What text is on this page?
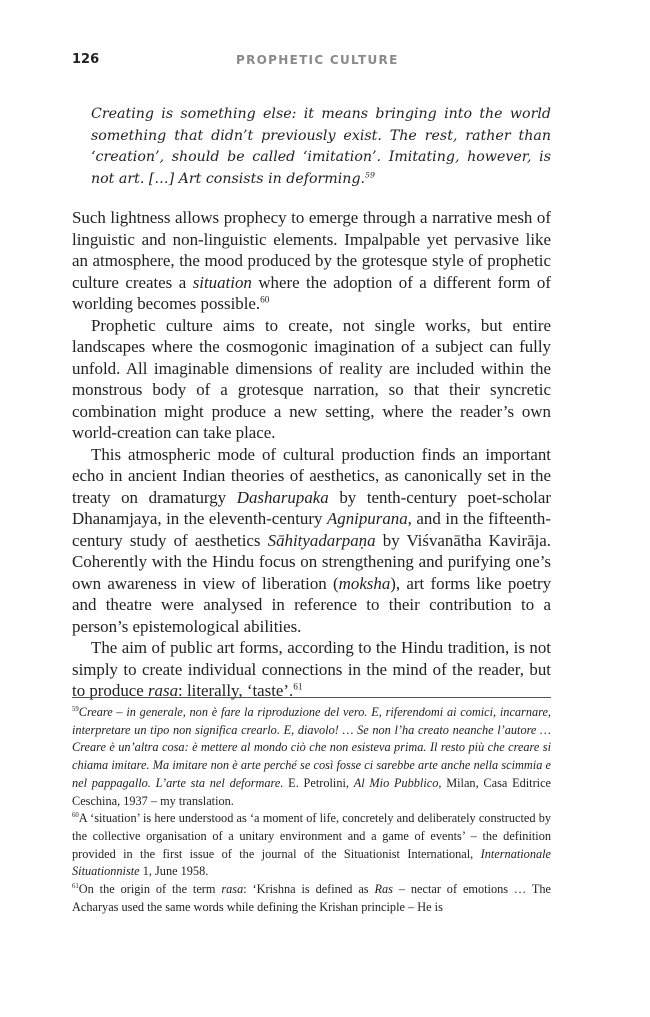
126	PROPHETIC CULTURE

Creating is something else: it means bringing into the world something that didn’t previously exist. The rest, rather than ‘creation’, should be called ‘imitation’. Imitating, however, is not art. […] Art consists in deforming.$^{59}$

Such lightness allows prophecy to emerge through a narrative mesh of linguistic and non-linguistic elements. Impalpable yet pervasive like an atmosphere, the mood produced by the grotesque style of prophetic culture creates a situation where the adoption of a different form of worlding becomes possible.$^{60}$

Prophetic culture aims to create, not single works, but entire landscapes where the cosmogonic imagination of a subject can fully unfold. All imaginable dimensions of reality are included within the monstrous body of a grotesque narration, so that their syncretic combination might produce a new setting, where the reader’s own world-creation can take place.

This atmospheric mode of cultural production finds an important echo in ancient Indian theories of aesthetics, as canonically set in the treaty on dramaturgy Dasharupaka by tenth-century poet-scholar Dhanamjaya, in the eleventh-century Agnipurana, and in the fifteenth-century study of aesthetics Sāhityadarpaṇa by Viśvanātha Kavirāja. Coherently with the Hindu focus on strengthening and purifying one’s own awareness in view of liberation (moksha), art forms like poetry and theatre were analysed in reference to their contribution to a person’s epistemological abilities.

The aim of public art forms, according to the Hindu tradition, is not simply to create individual connections in the mind of the reader, but to produce rasa: literally, ‘taste’.$^{61}$

$^{59}$Creare – in generale, non è fare la riproduzione del vero. E, riferendomi ai comici, incarnare, interpretare un tipo non significa crearlo. E, diavolo! … Se non l’ha creato neanche l’autore … Creare è un’altra cosa: è mettere al mondo ciò che non esisteva prima. Il resto più che creare si chiama imitare. Ma imitare non è arte perché se così fosse ci sarebbe arte anche nella scimmia e nel pappagallo. L’arte sta nel deformare. E. Petrolini, Al Mio Pubblico, Milan, Casa Editrice Ceschina, 1937 – my translation.

$^{60}$A ‘situation’ is here understood as ‘a moment of life, concretely and deliberately constructed by the collective organisation of a unitary environment and a game of events’ – the definition provided in the first issue of the journal of the Situationist International, Internationale Situationniste 1, June 1958.

$^{61}$On the origin of the term rasa: ‘Krishna is defined as Ras – nectar of emotions … The Acharyas used the same words while defining the Krishan principle – He is
